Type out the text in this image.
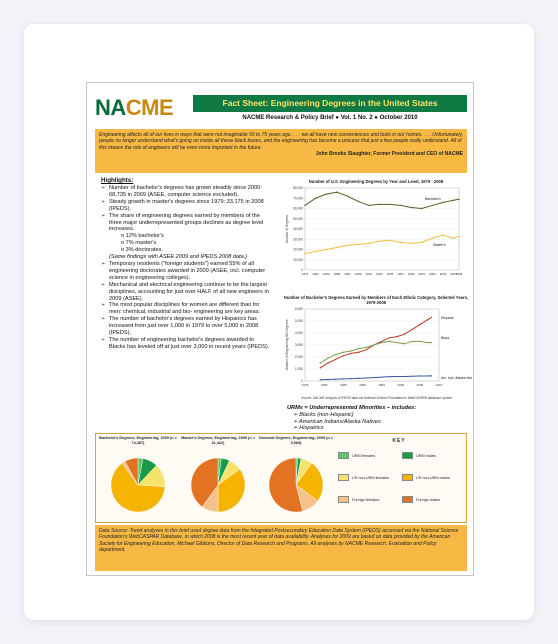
NACME	Fact Sheet: Engineering Degrees in the United States
NACME Research & Policy Brief ● Vol. 1 No. 2 ● October 2010
Engineering affects all of our lives in ways that were not imaginable 50 to 75 years ago. . . . we all have new conveniences and tools in our homes. . . . Unfortunately, people no longer understand what's going on inside all these black boxes, and the engineering has become a process that just a few people really understand. All of this means the role of engineers will be even more important in the future.
John Brooks Slaughter, Former President and CEO of NACME
Highlights:
➢ Number of bachelor's degrees has grown steadily since 2000: 68,735 in 2009 (ASEE, computer science excluded).
➢ Steady growth in master's degrees since 1979: 33,175 in 2008 (IPEDS).
➢ The share of engineering degrees earned by members of the three major underrepresented groups declines as degree level increases.
o 12% bachelor's
o 7% master's
o 3% doctorates.
(Same findings with ASEE 2009 and IPEDS 2008 data.)
➢ Temporary residents ("foreign students") earned 55% of all engineering doctorates awarded in 2009 (ASEE, incl. computer science in engineering colleges).
➢ Mechanical and electrical engineering continue to be the largest disciplines, accounting for just over HALF of all new engineers in 2009 (ASEE).
➢ The most popular disciplines for women are different than for men: chemical, industrial and bio- engineering are key areas.
➢ The number of bachelor's degrees earned by Hispanics has increased from just over 1,000 in 1979 to over 5,000 in 2008 (IPEDS).
➢ The number of engineering bachelor's degrees awarded to Blacks has leveled off at just over 3,000 in recent years (IPEDS).
Number of U.S. Engineering Degrees by Year and Level, 1979 - 2008
0
10,000
20,000
30,000
40,000
50,000
60,000
70,000
80,000
1979 1981 1983 1985 1987 1989 1991 1993 1995 1997 1999 2001 2003 2005 2007
2008
Number of Degrees
Bachelor's
Master's
Number of Bachelor's Degrees Earned by Members of Each Ethnic Category, Selected Years, 1979-2008
0
1,000
2,000
3,000
4,000
5,000
6,000
1975	1980	1985	1990	1995	2000	2005	2010
Number of Engineering BS Degrees
Hispanic
Black
Am. Ind./ Alaska Nat.
Source: NACME analysis of IPEDS data via National Science Foundation's WebCASPAR database system.
URMs = Underrepresented Minorities – includes:
➢ Blacks (non-Hispanic)
➢ American Indians/Alaska Natives
➢ Hispanics
Bachelor's Degrees, Engineering, 2009 (n = 74,387)
Master's Degrees, Engineering, 2009 (n = 41,422)
Doctoral Degrees, Engineering, 2009 (n = 9,083)	KEY
URM females	URM males
US non-URM females	US non-URM males
Foreign females	Foreign males
Data Source: Trend analyses in this brief used degree data from the Integrated Postsecondary Education Data System (IPEDS) accessed via the National Science Foundation's WebCASPAR Database, in which 2008 is the most recent year of data availability. Analyses for 2009 are based on data provided by the American Society for Engineering Education, Michael Gibbons, Director of Data Research and Programs. All analyses by NACME Research, Evaluation and Policy department.
